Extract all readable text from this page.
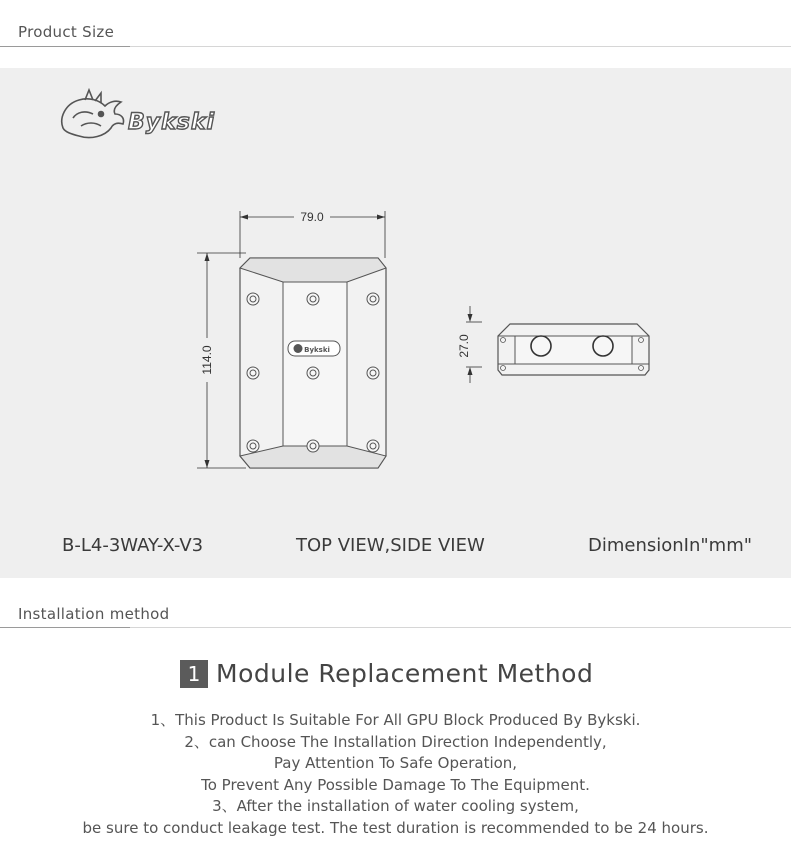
Product Size
Bykski
79.0
114.0	Bykski	27.0
B-L4-3WAY-X-V3	TOP VIEW,SIDE VIEW	DimensionIn"mm"
Installation method
1 Module Replacement Method
1、This Product Is Suitable For All GPU Block Produced By Bykski.
2、can Choose The Installation Direction Independently,
Pay Attention To Safe Operation,
To Prevent Any Possible Damage To The Equipment.
3、After the installation of water cooling system,
be sure to conduct leakage test. The test duration is recommended to be 24 hours.
